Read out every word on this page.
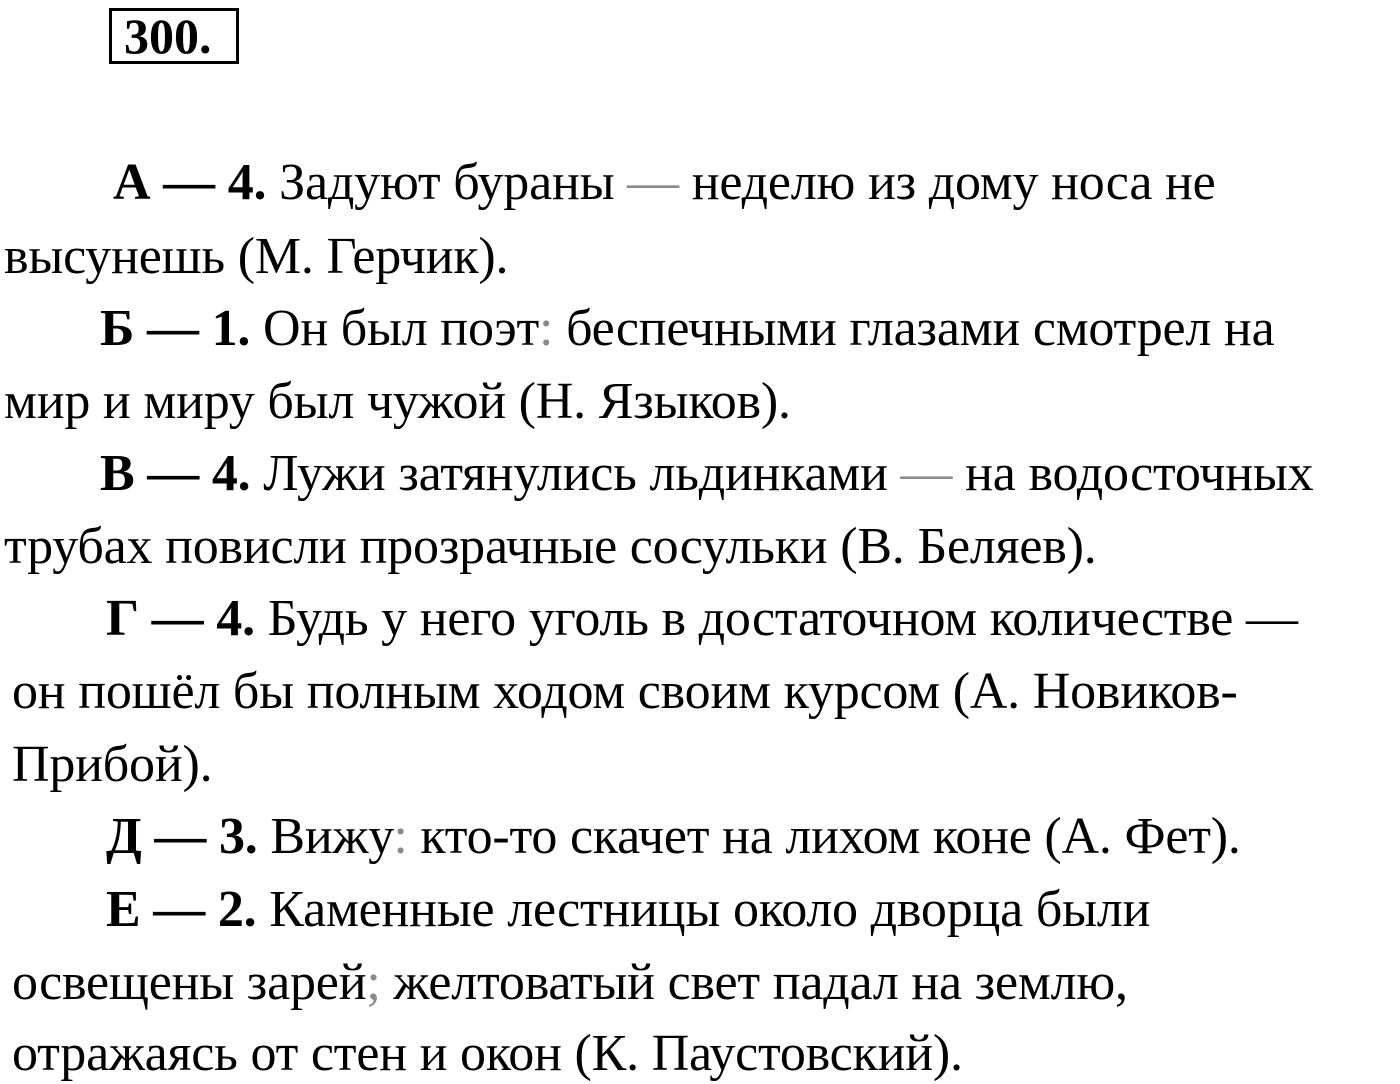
300.
А — 4. Задуют бураны — неделю из дому носа не
высунешь (М. Герчик).
Б — 1. Он был поэт: беспечными глазами смотрел на
мир и миру был чужой (Н. Языков).
В — 4. Лужи затянулись льдинками — на водосточных
трубах повисли прозрачные сосульки (В. Беляев).
Г — 4. Будь у него уголь в достаточном количестве —
он пошёл бы полным ходом своим курсом (А. Новиков-
Прибой).
Д — 3. Вижу: кто-то скачет на лихом коне (А. Фет).
Е — 2. Каменные лестницы около дворца были
освещены зарей; желтоватый свет падал на землю,
отражаясь от стен и окон (К. Паустовский).
